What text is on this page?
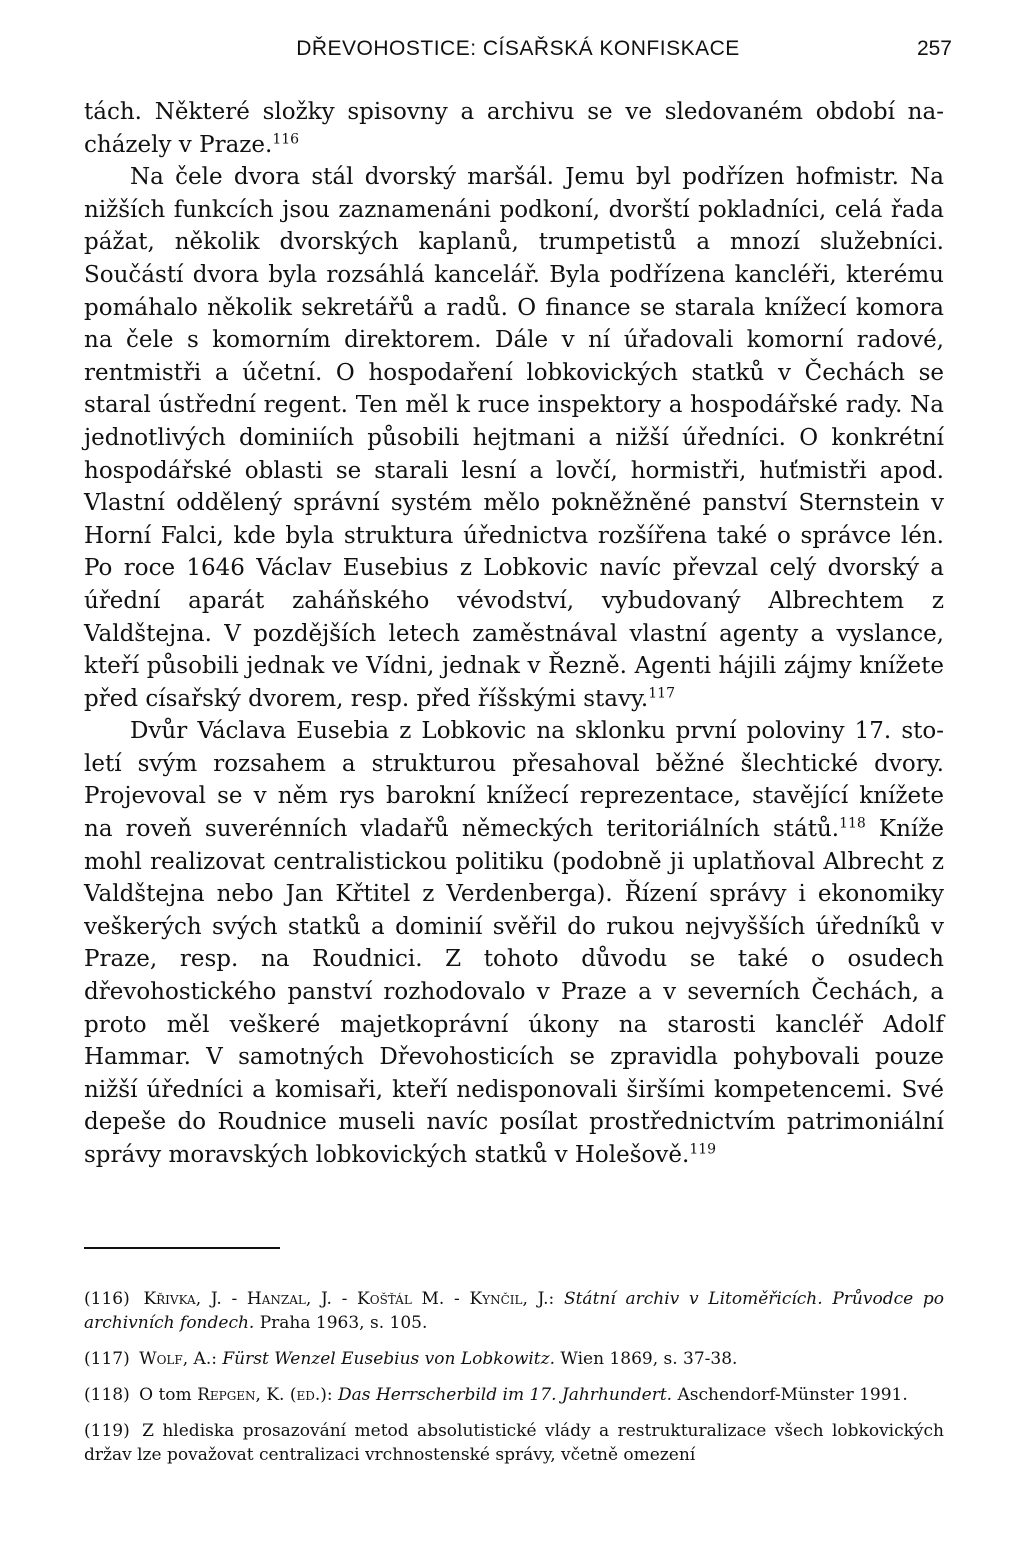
DŘEVOHOSTICE: CÍSAŘSKÁ KONFISKACE	257

tách. Některé složky spisovny a archivu se ve sledovaném období nacházely v Praze.$^{116}$

Na čele dvora stál dvorský maršál. Jemu byl podřízen hofmistr. Na nižších funkcích jsou zaznamenáni podkoní, dvorští pokladníci, celá řada pážat, několik dvorských kaplanů, trumpetistů a mnozí služebníci. Součástí dvora byla rozsáhlá kancelář. Byla podřízena kancléři, kterému pomáhalo několik sekretářů a radů. O finance se starala knížecí komora na čele s komorním direktorem. Dále v ní úřadovali komorní radové, rentmistři a účetní. O hospodaření lobkovických statků v Čechách se staral ústřední regent. Ten měl k ruce inspektory a hospodářské rady. Na jednotlivých dominiích působili hejtmani a nižší úředníci. O konkrétní hospodářské oblasti se starali lesní a lovčí, hormistři, huťmistři apod. Vlastní oddělený správní systém mělo pokněžněné panství Sternstein v Horní Falci, kde byla struktura úřednictva rozšířena také o správce lén. Po roce 1646 Václav Eusebius z Lobkovic navíc převzal celý dvorský a úřední aparát zaháňského vévodství, vybudovaný Albrechtem z Valdštejna. V pozdějších letech zaměstnával vlastní agenty a vyslance, kteří působili jednak ve Vídni, jednak v Řezně. Agenti hájili zájmy knížete před císařský dvorem, resp. před říšskými stavy.$^{117}$

Dvůr Václava Eusebia z Lobkovic na sklonku první poloviny 17. století svým rozsahem a strukturou přesahoval běžné šlechtické dvory. Projevoval se v něm rys barokní knížecí reprezentace, stavějící knížete na roveň suverénních vladařů německých teritoriálních států.$^{118}$ Kníže mohl realizovat centralistickou politiku (podobně ji uplatňoval Albrecht z Valdštejna nebo Jan Křtitel z Verdenberga). Řízení správy i ekonomiky veškerých svých statků a dominií svěřil do rukou nejvyšších úředníků v Praze, resp. na Roudnici. Z tohoto důvodu se také o osudech dřevohostického panství rozhodovalo v Praze a v severních Čechách, a proto měl veškeré majetkoprávní úkony na starosti kancléř Adolf Hammar. V samotných Dřevohosticích se zpravidla pohybovali pouze nižší úředníci a komisaři, kteří nedisponovali širšími kompetencemi. Své depeše do Roudnice museli navíc posílat prostřednictvím patrimoniální správy moravských lobkovických statků v Holešově.$^{119}$

(116) Křivka, J. - Hanzal, J. - Košťál M. - Kynčil, J.: Státní archiv v Litoměřicích. Průvodce po archivních fondech. Praha 1963, s. 105.

(117) Wolf, A.: Fürst Wenzel Eusebius von Lobkowitz. Wien 1869, s. 37-38.

(118) O tom Repgen, K. (ed.): Das Herrscherbild im 17. Jahrhundert. Aschendorf-Münster 1991.

(119) Z hlediska prosazování metod absolutistické vlády a restrukturalizace všech lobkovických držav lze považovat centralizaci vrchnostenské správy, včetně omezení
